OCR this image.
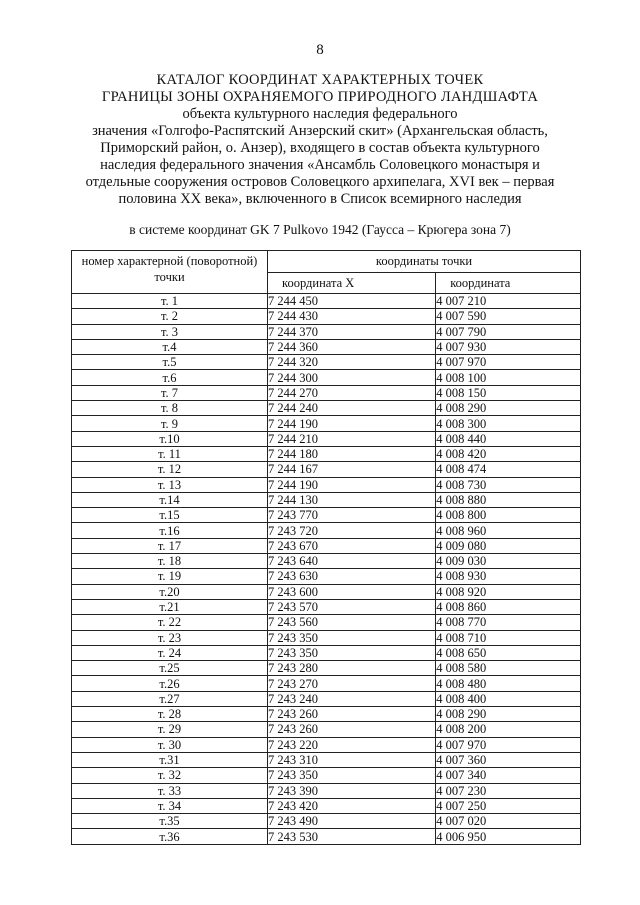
8
КАТАЛОГ КООРДИНАТ ХАРАКТЕРНЫХ ТОЧЕК
ГРАНИЦЫ ЗОНЫ ОХРАНЯЕМОГО ПРИРОДНОГО ЛАНДШАФТА
объекта культурного наследия федерального
значения «Голгофо-Распятский Анзерский скит» (Архангельская область,
Приморский район, о. Анзер), входящего в состав объекта культурного
наследия федерального значения «Ансамбль Соловецкого монастыря и
отдельные сооружения островов Соловецкого архипелага, XVI век – первая
половина XX века», включенного в Список всемирного наследия
в системе координат GK 7 Pulkovo 1942 (Гаусса – Крюгера зона 7)
номер характерной (поворотной) точки	координаты точки	
	координата Х	координата
т. 1	7 244 450	4 007 210
т. 2	7 244 430	4 007 590
т. 3	7 244 370	4 007 790
т.4	7 244 360	4 007 930
т.5	7 244 320	4 007 970
т.6	7 244 300	4 008 100
т. 7	7 244 270	4 008 150
т. 8	7 244 240	4 008 290
т. 9	7 244 190	4 008 300
т.10	7 244 210	4 008 440
т. 11	7 244 180	4 008 420
т. 12	7 244 167	4 008 474
т. 13	7 244 190	4 008 730
т.14	7 244 130	4 008 880
т.15	7 243 770	4 008 800
т.16	7 243 720	4 008 960
т. 17	7 243 670	4 009 080
т. 18	7 243 640	4 009 030
т. 19	7 243 630	4 008 930
т.20	7 243 600	4 008 920
т.21	7 243 570	4 008 860
т. 22	7 243 560	4 008 770
т. 23	7 243 350	4 008 710
т. 24	7 243 350	4 008 650
т.25	7 243 280	4 008 580
т.26	7 243 270	4 008 480
т.27	7 243 240	4 008 400
т. 28	7 243 260	4 008 290
т. 29	7 243 260	4 008 200
т. 30	7 243 220	4 007 970
т.31	7 243 310	4 007 360
т. 32	7 243 350	4 007 340
т. 33	7 243 390	4 007 230
т. 34	7 243 420	4 007 250
т.35	7 243 490	4 007 020
т.36	7 243 530	4 006 950
